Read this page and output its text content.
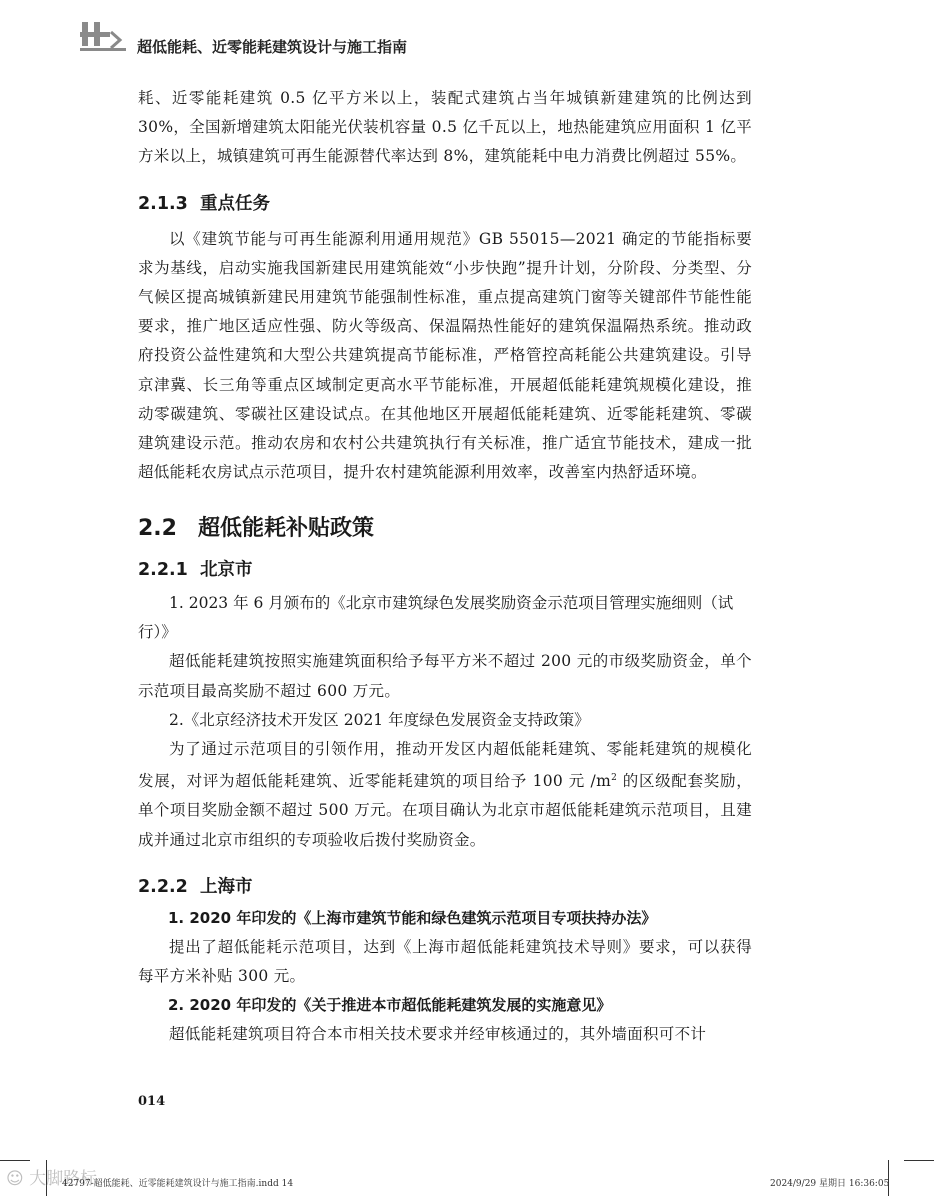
超低能耗、近零能耗建筑设计与施工指南

耗、近零能耗建筑 0.5 亿平方米以上，装配式建筑占当年城镇新建建筑的比例达到 30%，全国新增建筑太阳能光伏装机容量 0.5 亿千瓦以上，地热能建筑应用面积 1 亿平方米以上，城镇建筑可再生能源替代率达到 8%，建筑能耗中电力消费比例超过 55%。

2.1.3 重点任务

以《建筑节能与可再生能源利用通用规范》GB 55015—2021 确定的节能指标要求为基线，启动实施我国新建民用建筑能效“小步快跑”提升计划，分阶段、分类型、分气候区提高城镇新建民用建筑节能强制性标准，重点提高建筑门窗等关键部件节能性能要求，推广地区适应性强、防火等级高、保温隔热性能好的建筑保温隔热系统。推动政府投资公益性建筑和大型公共建筑提高节能标准，严格管控高耗能公共建筑建设。引导京津冀、长三角等重点区域制定更高水平节能标准，开展超低能耗建筑规模化建设，推动零碳建筑、零碳社区建设试点。在其他地区开展超低能耗建筑、近零能耗建筑、零碳建筑建设示范。推动农房和农村公共建筑执行有关标准，推广适宜节能技术，建成一批超低能耗农房试点示范项目，提升农村建筑能源利用效率，改善室内热舒适环境。

2.2 超低能耗补贴政策
2.2.1 北京市

1. 2023 年 6 月颁布的《北京市建筑绿色发展奖励资金示范项目管理实施细则（试行）》

超低能耗建筑按照实施建筑面积给予每平方米不超过 200 元的市级奖励资金，单个示范项目最高奖励不超过 600 万元。

2.《北京经济技术开发区 2021 年度绿色发展资金支持政策》

为了通过示范项目的引领作用，推动开发区内超低能耗建筑、零能耗建筑的规模化发展，对评为超低能耗建筑、近零能耗建筑的项目给予 100 元 $/m^2$ 的区级配套奖励，单个项目奖励金额不超过 500 万元。在项目确认为北京市超低能耗建筑示范项目，且建成并通过北京市组织的专项验收后拨付奖励资金。

2.2.2 上海市

1. 2020 年印发的《上海市建筑节能和绿色建筑示范项目专项扶持办法》

提出了超低能耗示范项目，达到《上海市超低能耗建筑技术导则》要求，可以获得每平方米补贴 300 元。

2. 2020 年印发的《关于推进本市超低能耗建筑发展的实施意见》

超低能耗建筑项目符合本市相关技术要求并经审核通过的，其外墙面积可不计

014
☺ 大脚路标
42797-超低能耗、近零能耗建筑设计与施工指南.indd 14	2024/9/29 星期日 16:36:05
